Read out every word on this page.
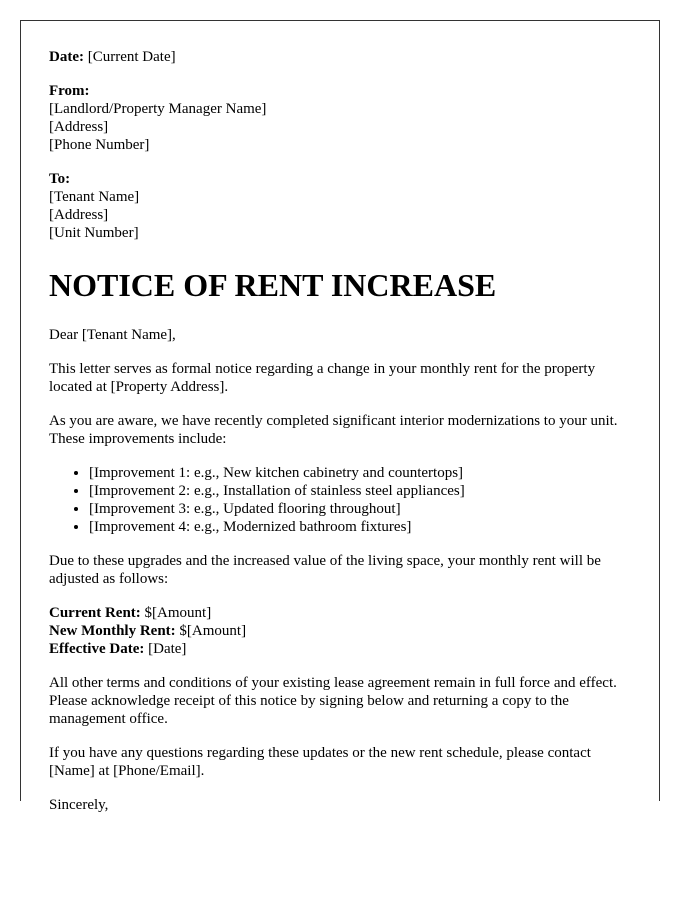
Date: [Current Date]
From:
[Landlord/Property Manager Name]
[Address]
[Phone Number]
To:
[Tenant Name]
[Address]
[Unit Number]
NOTICE OF RENT INCREASE

Dear [Tenant Name],

This letter serves as formal notice regarding a change in your monthly rent for the property located at [Property Address].

As you are aware, we have recently completed significant interior modernizations to your unit. These improvements include:

• [Improvement 1: e.g., New kitchen cabinetry and countertops]
• [Improvement 2: e.g., Installation of stainless steel appliances]
• [Improvement 3: e.g., Updated flooring throughout]
• [Improvement 4: e.g., Modernized bathroom fixtures]

Due to these upgrades and the increased value of the living space, your monthly rent will be adjusted as follows:

Current Rent: $[Amount]
New Monthly Rent: $[Amount]
Effective Date: [Date]

All other terms and conditions of your existing lease agreement remain in full force and effect. Please acknowledge receipt of this notice by signing below and returning a copy to the management office.

If you have any questions regarding these updates or the new rent schedule, please contact [Name] at [Phone/Email].

Sincerely,
